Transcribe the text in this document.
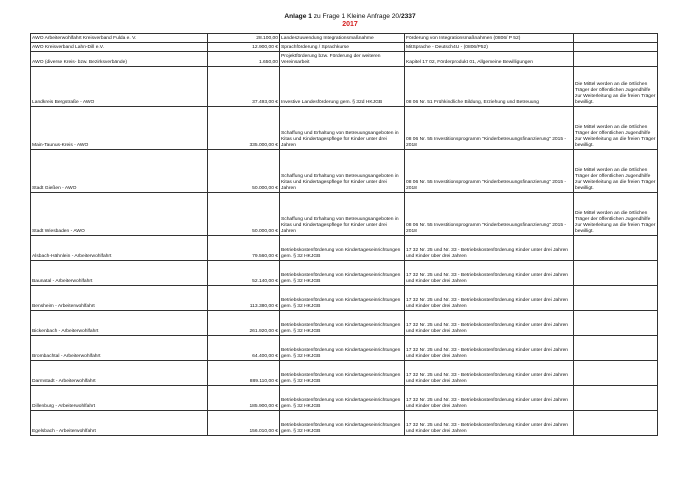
Anlage 1 zu Frage 1 Kleine Anfrage 20/2337
2017
AWO Arbeiterwohlfahrt Kreisverband Fulda e. V.	28.100,00	Landeszuwendung Integrationsmaßnahme	Förderung von Integrationsmaßnahmen (0806/ P 52)	
AWO Kreisverband Lahn-Dill e.V.	12.900,00 €	Sprachförderung / Sprachkurse	MitSprache - Deutsch4U - (0806/P52)	
AWO (diverse Kreis- bzw. Bezirksverbände)	1.650,00	Projektförderung bzw. Förderung der weiteren Vereinsarbeit	Kapitel 17 02, Förderprodukt 01, Allgemeine Bewilligungen	
Landkreis Bergstraße - AWO	37.493,00 €	Investive Landesförderung gem. § 32d HKJGB	08 06 Nr. 51 Frühkindliche Bildung, Erziehung und Betreuung	Die Mittel werden an die örtlichen Träger der öffentlichen Jugendhilfe zur Weiterleitung an die freien Träger bewilligt.
Main-Taunus-Kreis - AWO	335.000,00 €	Schaffung und Erhaltung von Betreuungsangeboten in Kitas und Kindertagespflege für Kinder unter drei Jahren	08 06 Nr. 55 Investitionsprogramm "Kinderbetreuungsfinanzierung" 2015 - 2018	Die Mittel werden an die örtlichen Träger der öffentlichen Jugendhilfe zur Weiterleitung an die freien Träger bewilligt.
Stadt Gießen - AWO	50.000,00 €	Schaffung und Erhaltung von Betreuungsangeboten in Kitas und Kindertagespflege für Kinder unter drei Jahren	08 06 Nr. 55 Investitionsprogramm "Kinderbetreuungsfinanzierung" 2015 - 2018	Die Mittel werden an die örtlichen Träger der öffentlichen Jugendhilfe zur Weiterleitung an die freien Träger bewilligt.
Stadt Wiesbaden - AWO	50.000,00 €	Schaffung und Erhaltung von Betreuungsangeboten in Kitas und Kindertagespflege für Kinder unter drei Jahren	08 06 Nr. 55 Investitionsprogramm "Kinderbetreuungsfinanzierung" 2015 - 2018	Die Mittel werden an die örtlichen Träger der öffentlichen Jugendhilfe zur Weiterleitung an die freien Träger bewilligt.
Alsbach-Hähnlein - Arbeiterwohlfahrt	79.560,00 €	Betriebskostenförderung von Kindertageseinrichtungen gem. § 32 HKJGB	17 32 Nr. 25 und Nr. 33 - Betriebskostenförderung Kinder unter drei Jahren und Kinder über drei Jahren	
Baunatal - Arbeiterwohlfahrt	52.140,00 €	Betriebskostenförderung von Kindertageseinrichtungen gem. § 32 HKJGB	17 32 Nr. 25 und Nr. 33 - Betriebskostenförderung Kinder unter drei Jahren und Kinder über drei Jahren	
Bensheim - Arbeiterwohlfahrt	113.380,00 €	Betriebskostenförderung von Kindertageseinrichtungen gem. § 32 HKJGB	17 32 Nr. 25 und Nr. 33 - Betriebskostenförderung Kinder unter drei Jahren und Kinder über drei Jahren	
Bickenbach - Arbeiterwohlfahrt	261.920,00 €	Betriebskostenförderung von Kindertageseinrichtungen gem. § 32 HKJGB	17 32 Nr. 25 und Nr. 33 - Betriebskostenförderung Kinder unter drei Jahren und Kinder über drei Jahren	
Brombachtal - Arbeiterwohlfahrt	64.400,00 €	Betriebskostenförderung von Kindertageseinrichtungen gem. § 32 HKJGB	17 32 Nr. 25 und Nr. 33 - Betriebskostenförderung Kinder unter drei Jahren und Kinder über drei Jahren	
Darmstadt - Arbeiterwohlfahrt	889.110,00 €	Betriebskostenförderung von Kindertageseinrichtungen gem. § 32 HKJGB	17 32 Nr. 25 und Nr. 33 - Betriebskostenförderung Kinder unter drei Jahren und Kinder über drei Jahren	
Dillenburg - Arbeiterwohlfahrt	185.900,00 €	Betriebskostenförderung von Kindertageseinrichtungen gem. § 32 HKJGB	17 32 Nr. 25 und Nr. 33 - Betriebskostenförderung Kinder unter drei Jahren und Kinder über drei Jahren	
Egelsbach - Arbeiterwohlfahrt	156.010,00 €	Betriebskostenförderung von Kindertageseinrichtungen gem. § 32 HKJGB	17 32 Nr. 25 und Nr. 33 - Betriebskostenförderung Kinder unter drei Jahren und Kinder über drei Jahren	
